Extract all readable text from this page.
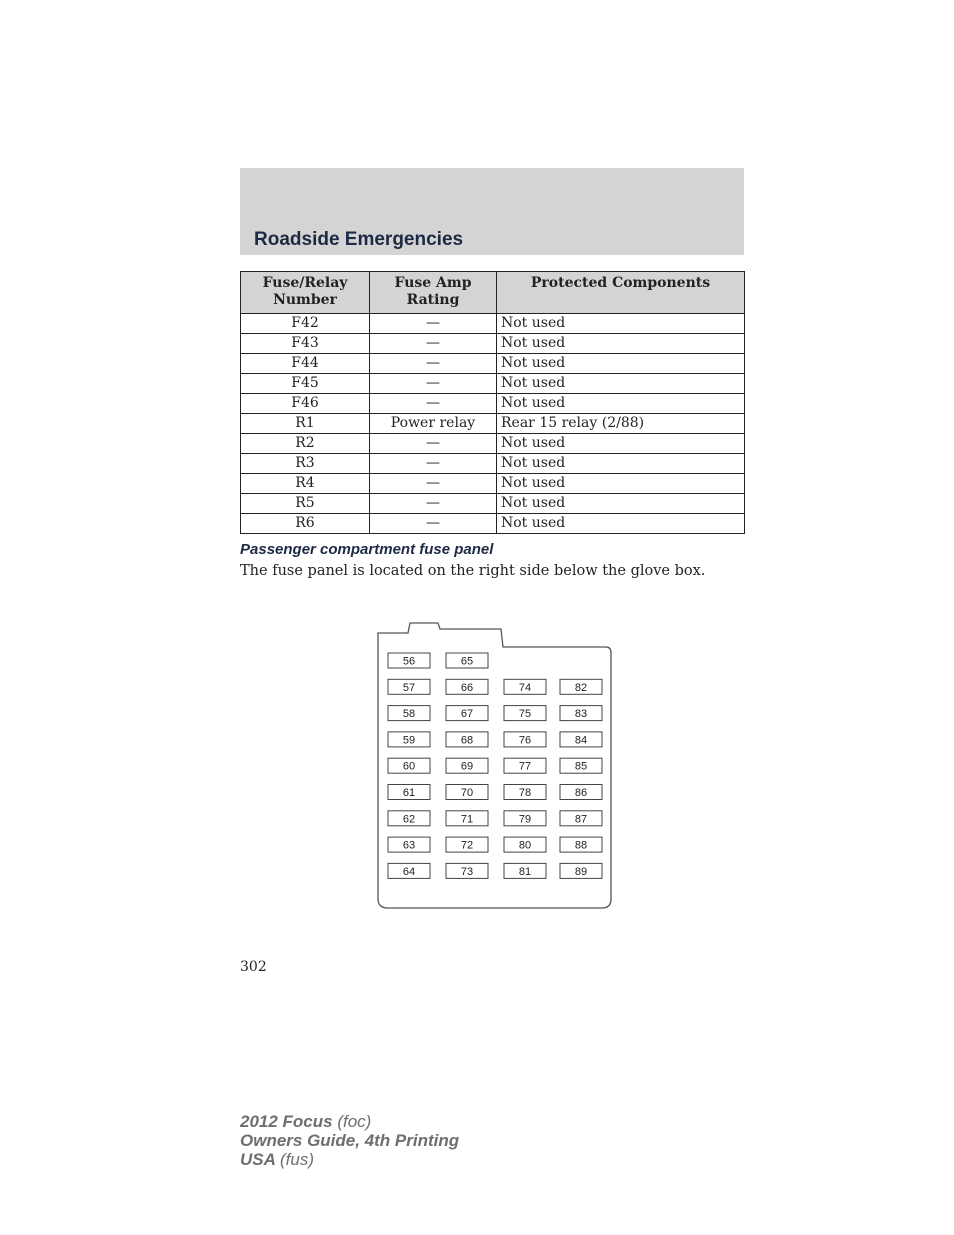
Roadside Emergencies
Fuse/Relay Number	Fuse Amp Rating	Protected Components
F42	—	Not used
F43	—	Not used
F44	—	Not used
F45	—	Not used
F46	—	Not used
R1	Power relay	Rear 15 relay (2/88)
R2	—	Not used
R3	—	Not used
R4	—	Not used
R5	—	Not used
R6	—	Not used
Passenger compartment fuse panel
The fuse panel is located on the right side below the glove box.
56
57
58
59
60
61
62
63
64
65
66
67
68
69
70
71
72
73
74
75
76
77
78
79
80
81
82
83
84
85
86
87
88
89
302
2012 Focus (foc)
Owners Guide, 4th Printing
USA (fus)
